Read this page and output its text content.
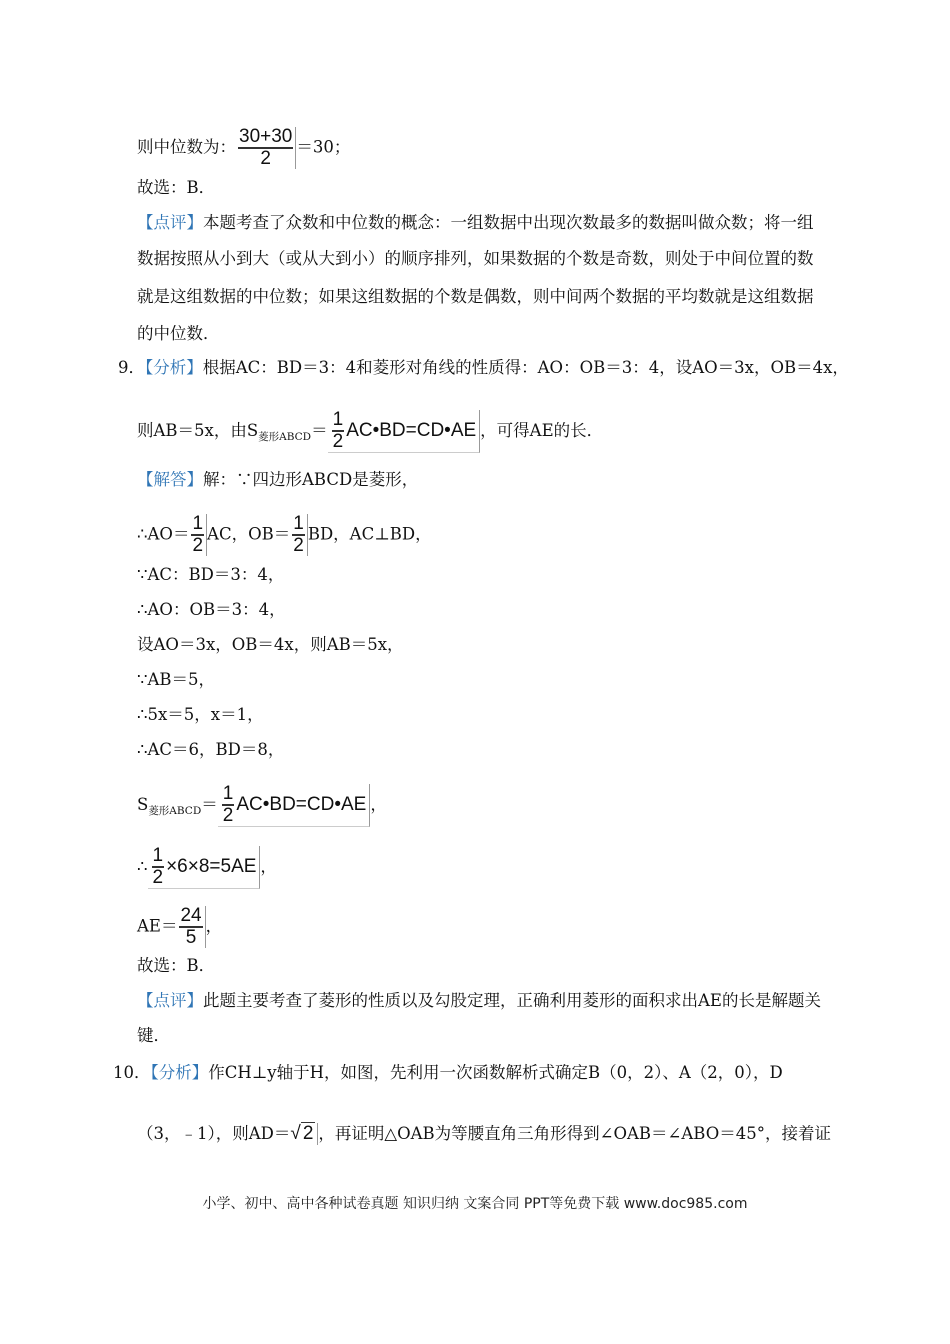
则中位数为： $\frac{30+30}{2} =30$；
故选：B．
【点评】本题考查了众数和中位数的概念：一组数据中出现次数最多的数据叫做众数；将一组
数据按照从小到大（或从大到小）的顺序排列，如果数据的个数是奇数，则处于中间位置的数
就是这组数据的中位数；如果这组数据的个数是偶数，则中间两个数据的平均数就是这组数据
的中位数．
9．【分析】根据AC：BD＝3：4和菱形对角线的性质得：AO：OB＝3：4，设AO＝3x，OB＝4x，
则AB＝5x，由$S_{菱形ABCD}= \frac{1}{2}$ AC•BD=CD•AE ，可得AE的长．
【解答】解：∵四边形ABCD是菱形，
∴AO＝ $\frac{1}{2}$ AC，$OB= \frac{1}{2}$ BD，AC⊥BD，
∵AC：BD＝3：4，
∴AO：OB＝3：4，
设AO＝3x，OB＝4x，则AB＝5x，
∵AB＝5，
∴5x＝5，x＝1，
∴AC＝6，BD＝8，
$S_{菱形ABCD}= \frac{1}{2}$ AC•BD=CD•AE ，
∴ $\frac{1}{2} \times 6\times 8=5AE$ ，
$AE= \frac{24}{5}$ ，
故选：B．
【点评】此题主要考查了菱形的性质以及勾股定理，正确利用菱形的面积求出AE的长是解题关
键．
10．【分析】作CH⊥y轴于H，如图，先利用一次函数解析式确定B（0，2）、A（2，0），D
（3，﹣1），则AD＝√ 2 ，再证明△OAB为等腰直角三角形得到∠OAB＝∠ABO＝45°，接着证
小学、初中、高中各种试卷真题 知识归纳 文案合同 PPT等免费下载 www.doc985.com
